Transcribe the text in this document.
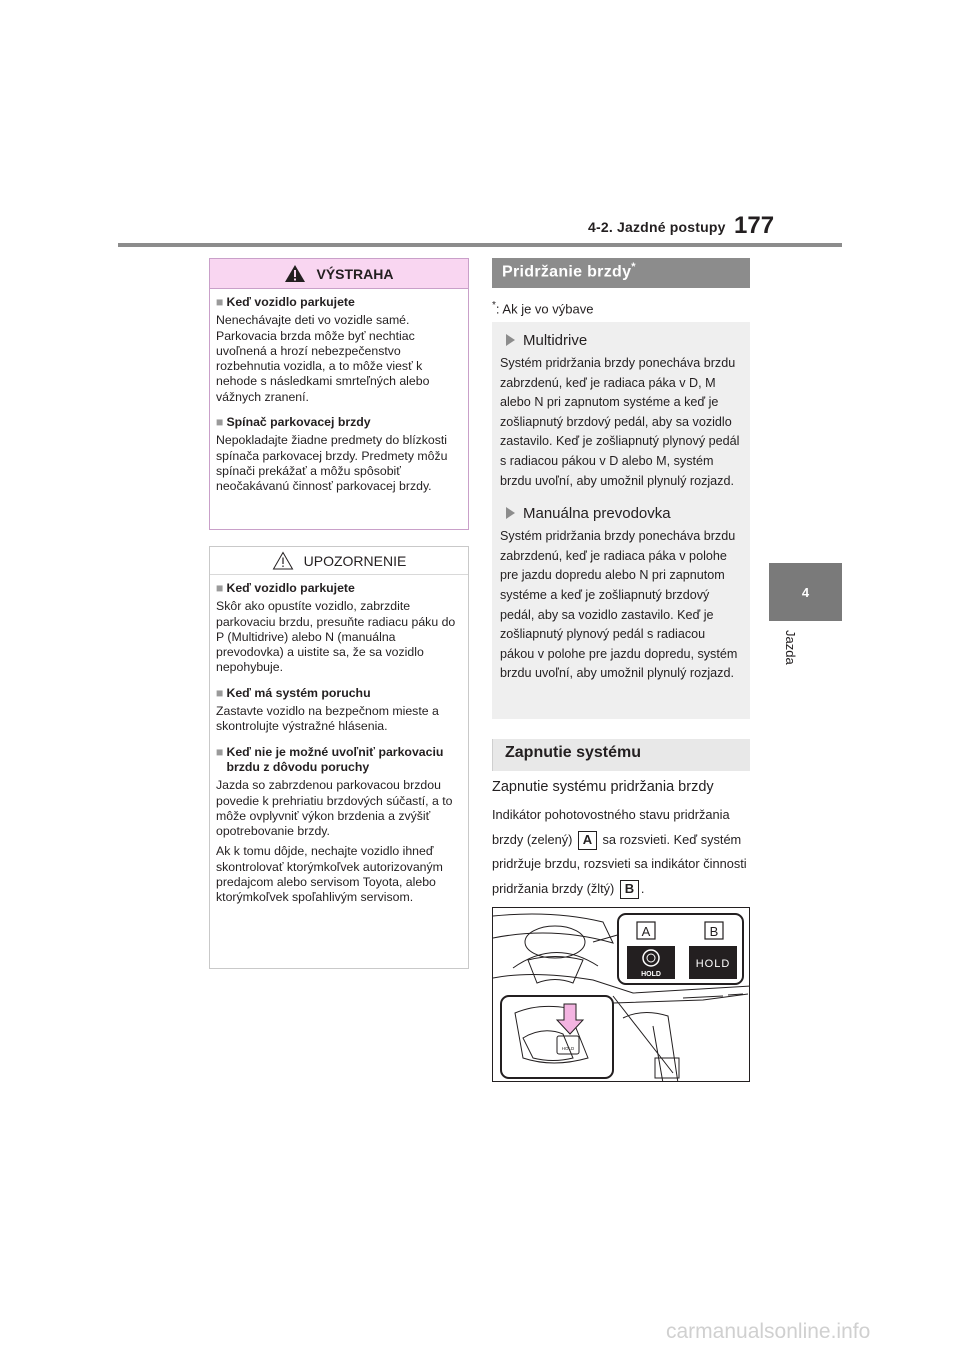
4-2. Jazdné postupy 177
4
Jazda
VÝSTRAHA
■ Keď vozidlo parkujete
Nenechávajte deti vo vozidle samé. Parkovacia brzda môže byť nechtiac uvoľnená a hrozí nebezpečenstvo rozbehnutia vozidla, a to môže viesť k nehode s následkami smrteľných alebo vážnych zranení.
■ Spínač parkovacej brzdy
Nepokladajte žiadne predmety do blízkosti spínača parkovacej brzdy. Predmety môžu spínači prekážať a môžu spôsobiť neočakávanú činnosť parkovacej brzdy.
UPOZORNENIE
■ Keď vozidlo parkujete
Skôr ako opustíte vozidlo, zabrzdite parkovaciu brzdu, presuňte radiacu páku do P (Multidrive) alebo N (manuálna prevodovka) a uistite sa, že sa vozidlo nepohybuje.
■ Keď má systém poruchu
Zastavte vozidlo na bezpečnom mieste a skontrolujte výstražné hlásenia.
■ Keď nie je možné uvoľniť parkovaciu brzdu z dôvodu poruchy
Jazda so zabrzdenou parkovacou brzdou povedie k prehriatiu brzdových súčastí, a to môže ovplyvniť výkon brzdenia a zvýšiť opotrebovanie brzdy.
Ak k tomu dôjde, nechajte vozidlo ihneď skontrolovať ktorýmkoľvek autorizovaným predajcom alebo servisom Toyota, alebo ktorýmkoľvek spoľahlivým servisom.
Pridržanie brzdy*
*: Ak je vo výbave
Multidrive
Systém pridržania brzdy ponecháva brzdu zabrzdenú, keď je radiaca páka v D, M alebo N pri zapnutom systéme a keď je zošliapnutý brzdový pedál, aby sa vozidlo zastavilo. Keď je zošliapnutý plynový pedál s radiacou pákou v D alebo M, systém brzdu uvoľní, aby umožnil plynulý rozjazd.
Manuálna prevodovka
Systém pridržania brzdy ponecháva brzdu zabrzdenú, keď je radiaca páka v polohe pre jazdu dopredu alebo N pri zapnutom systéme a keď je zošliapnutý brzdový pedál, aby sa vozidlo zastavilo. Keď je zošliapnutý plynový pedál s radiacou pákou v polohe pre jazdu dopredu, systém brzdu uvoľní, aby umožnil plynulý rozjazd.
Zapnutie systému
Zapnutie systému pridržania brzdy
Indikátor pohotovostného stavu pridržania brzdy (zelený) A sa rozsvieti. Keď systém pridržuje brzdu, rozsvieti sa indikátor činnosti pridržania brzdy (žltý) B .
A	B
HOLD
HOLD
HOLD
carmanualsonline.info
